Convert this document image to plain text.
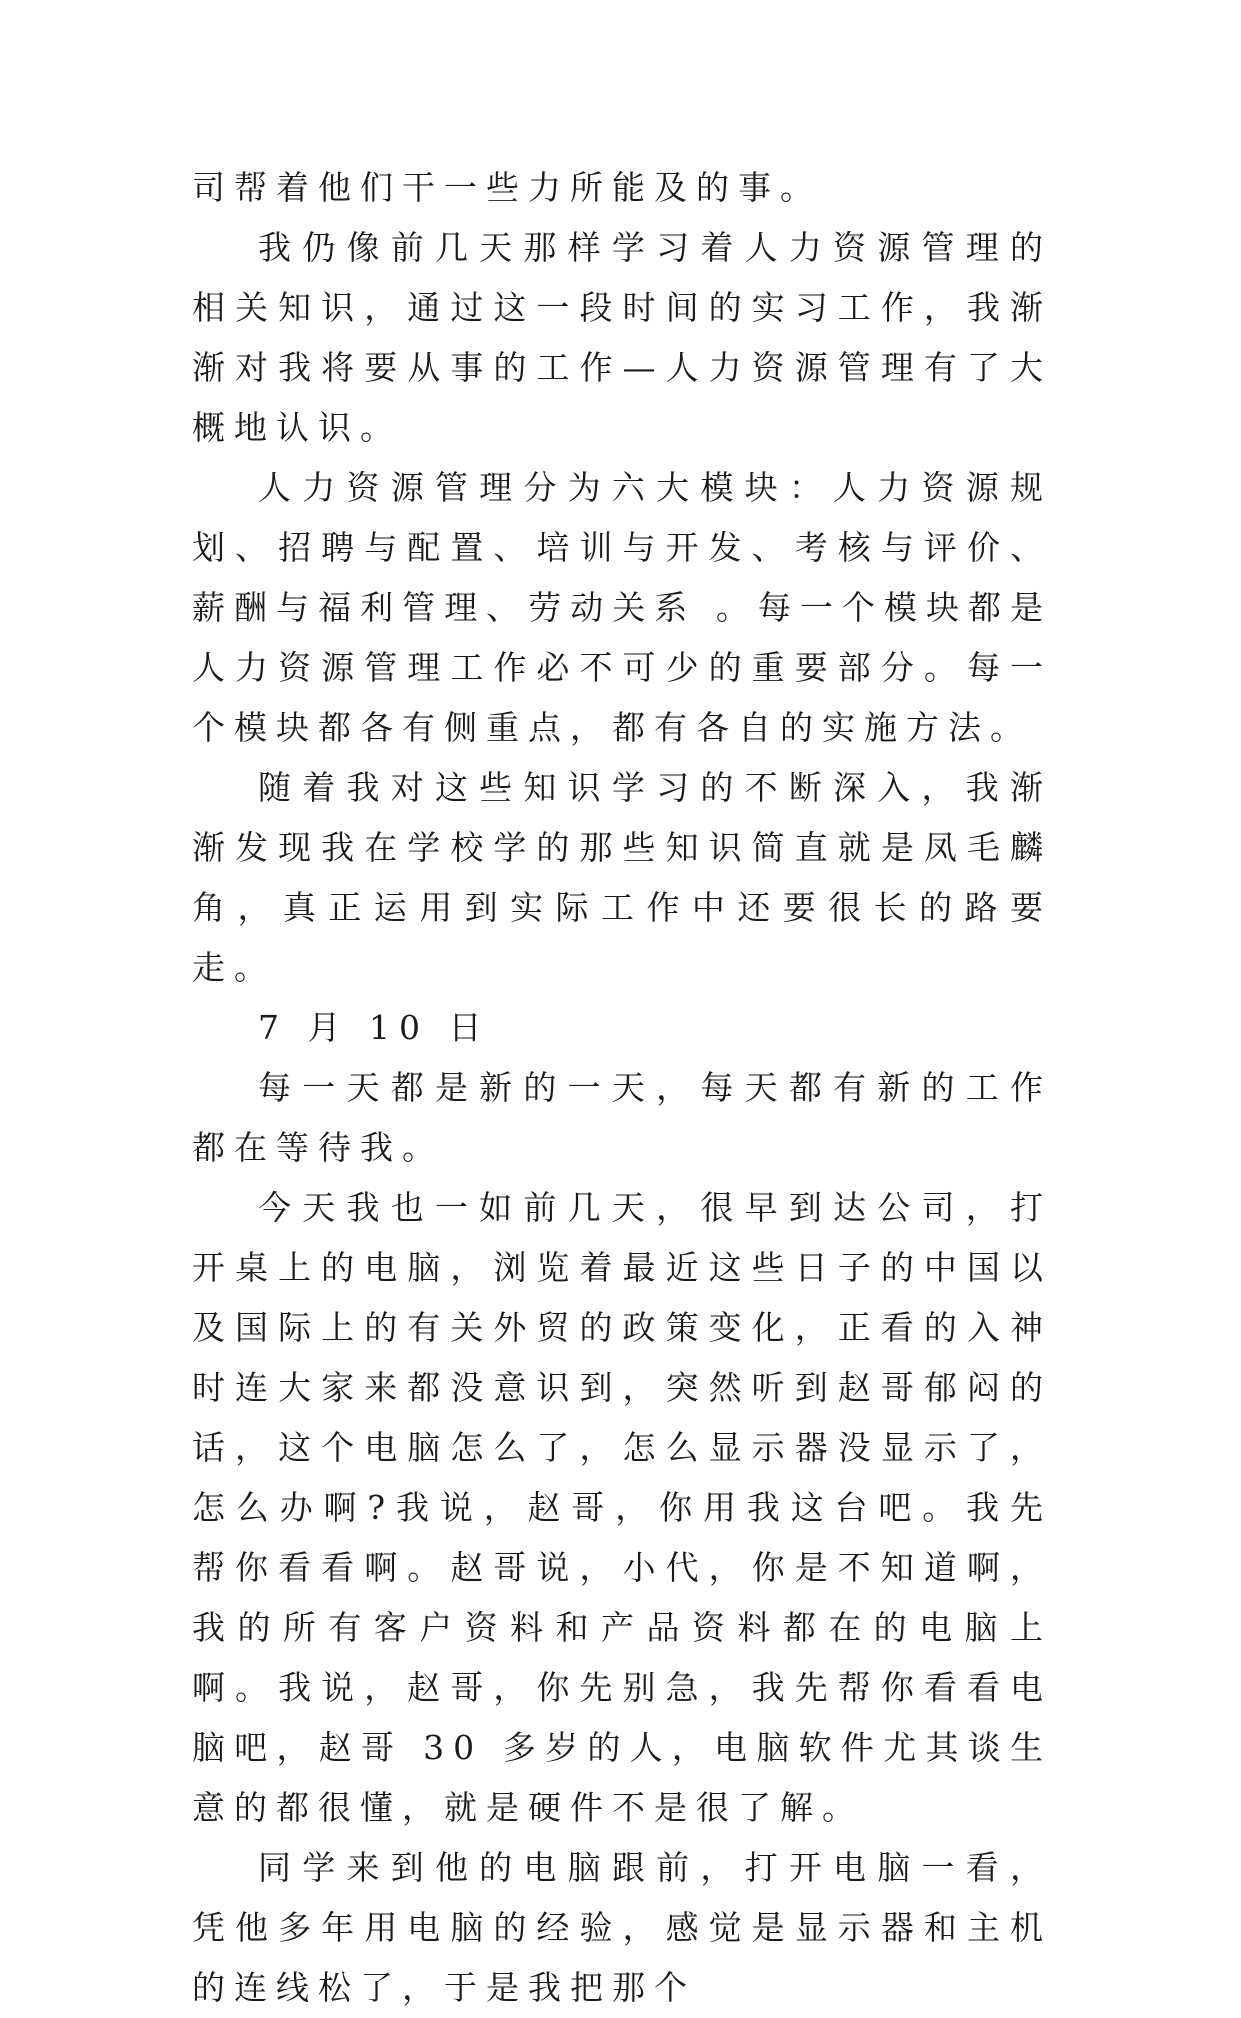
司帮着他们干一些力所能及的事。

我仍像前几天那样学习着人力资源管理的相关知识，通过这一段时间的实习工作，我渐渐对我将要从事的工作—人力资源管理有了大概地认识。

人力资源管理分为六大模块：人力资源规划、招聘与配置、培训与开发、考核与评价、薪酬与福利管理、劳动关系 。每一个模块都是人力资源管理工作必不可少的重要部分。每一个模块都各有侧重点，都有各自的实施方法。

随着我对这些知识学习的不断深入，我渐渐发现我在学校学的那些知识简直就是凤毛麟角，真正运用到实际工作中还要很长的路要走。

7 月 10 日

每一天都是新的一天，每天都有新的工作都在等待我。

今天我也一如前几天，很早到达公司，打开桌上的电脑，浏览着最近这些日子的中国以及国际上的有关外贸的政策变化，正看的入神时连大家来都没意识到，突然听到赵哥郁闷的话，这个电脑怎么了，怎么显示器没显示了，怎么办啊?我说，赵哥，你用我这台吧。我先帮你看看啊。赵哥说，小代，你是不知道啊，我的所有客户资料和产品资料都在的电脑上啊。我说，赵哥，你先别急，我先帮你看看电脑吧，赵哥 30 多岁的人，电脑软件尤其谈生意的都很懂，就是硬件不是很了解。

同学来到他的电脑跟前，打开电脑一看，凭他多年用电脑的经验，感觉是显示器和主机的连线松了，于是我把那个
